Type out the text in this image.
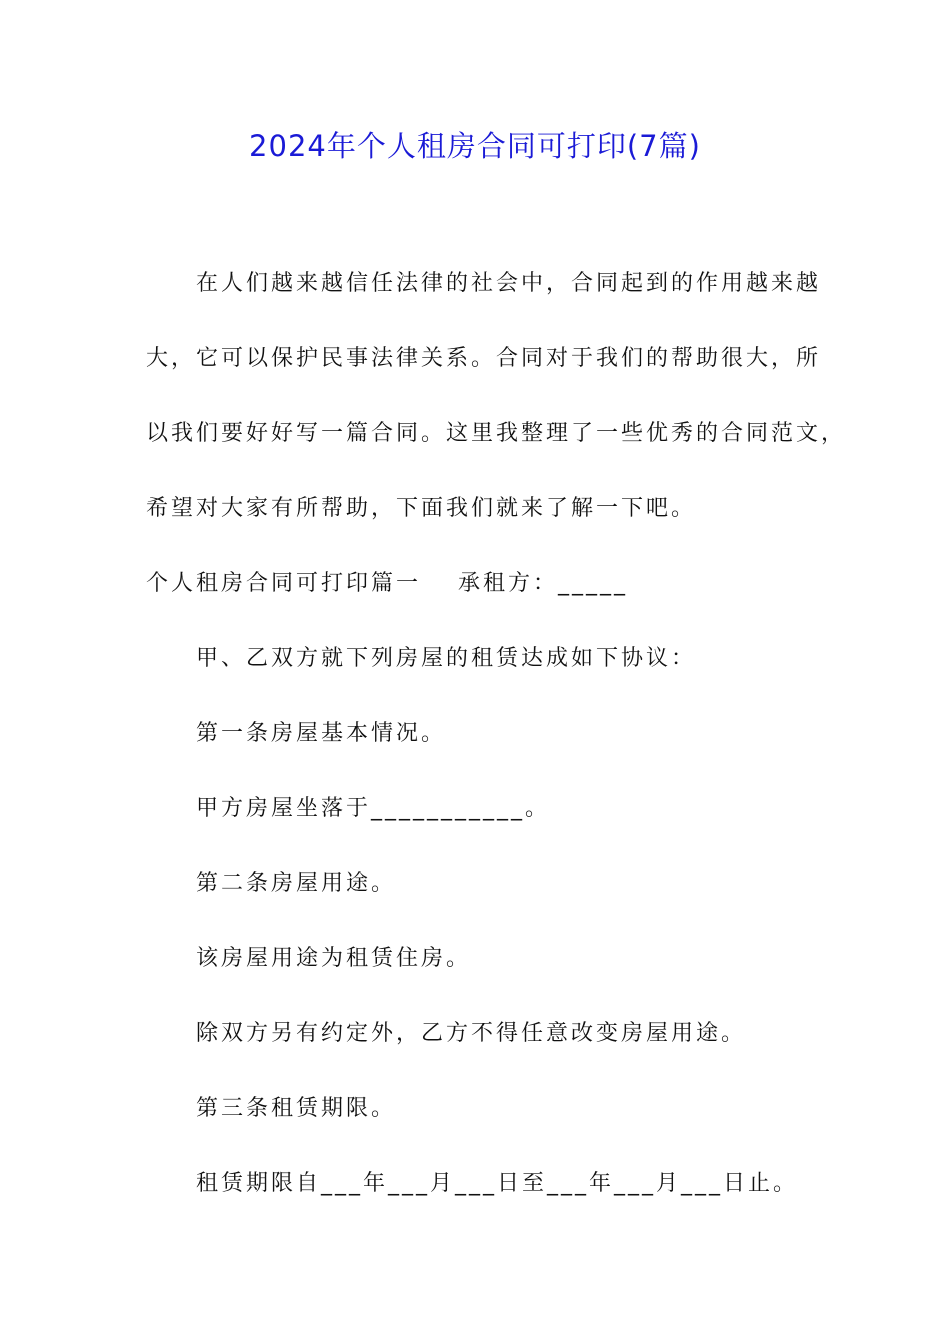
2024年个人租房合同可打印(7篇)
在人们越来越信任法律的社会中，合同起到的作用越来越
大，它可以保护民事法律关系。合同对于我们的帮助很大，所
以我们要好好写一篇合同。这里我整理了一些优秀的合同范文，
希望对大家有所帮助，下面我们就来了解一下吧。
个人租房合同可打印篇一 承租方：_____
甲、乙双方就下列房屋的租赁达成如下协议：
第一条房屋基本情况。
甲方房屋坐落于___________。
第二条房屋用途。
该房屋用途为租赁住房。
除双方另有约定外，乙方不得任意改变房屋用途。
第三条租赁期限。
租赁期限自___年___月___日至___年___月___日止。
